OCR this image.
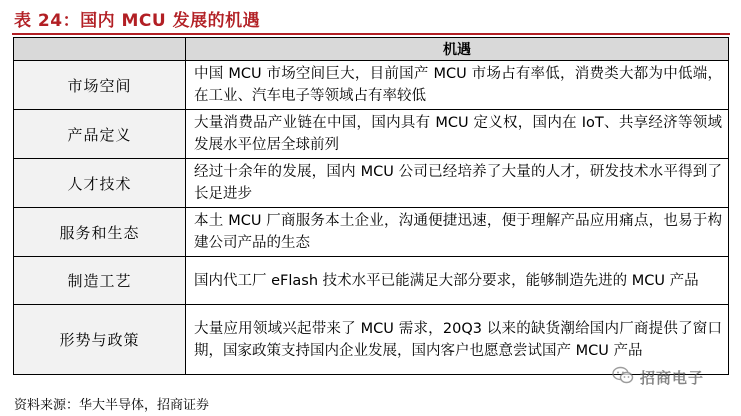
表 24：国内 MCU 发展的机遇
	机遇
市场空间	中国 MCU 市场空间巨大，目前国产 MCU 市场占有率低，消费类大都为中低端，在工业、汽车电子等领域占有率较低
产品定义	大量消费品产业链在中国，国内具有 MCU 定义权，国内在 IoT、共享经济等领域发展水平位居全球前列
人才技术	经过十余年的发展，国内 MCU 公司已经培养了大量的人才，研发技术水平得到了长足进步
服务和生态	本土 MCU 厂商服务本土企业，沟通便捷迅速，便于理解产品应用痛点，也易于构建公司产品的生态
制造工艺	国内代工厂 eFlash 技术水平已能满足大部分要求，能够制造先进的 MCU 产品
形势与政策	大量应用领域兴起带来了 MCU 需求，20Q3 以来的缺货潮给国内厂商提供了窗口期，国家政策支持国内企业发展，国内客户也愿意尝试国产 MCU 产品
资料来源：华大半导体，招商证券
招商电子
